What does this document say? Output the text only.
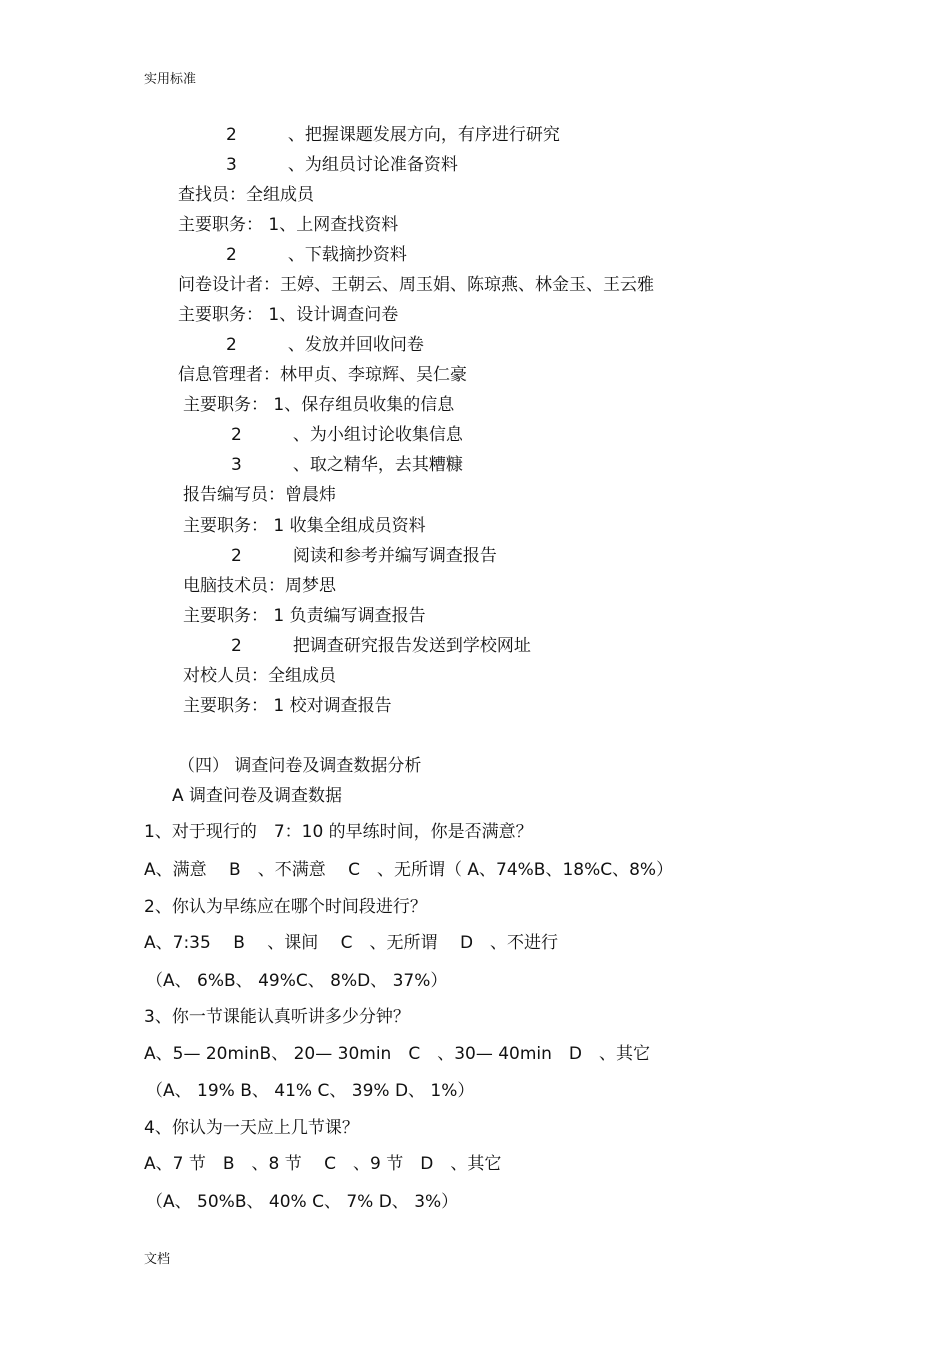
实用标准
2　　　、把握课题发展方向，有序进行研究
3　　　、为组员讨论准备资料
查找员：全组成员
主要职务： 1、上网查找资料
2　　　、下载摘抄资料
问卷设计者：王婷、王朝云、周玉娟、陈琼燕、林金玉、王云雅
主要职务： 1、设计调查问卷
2　　　、发放并回收问卷
信息管理者：林甲贞、李琼辉、吴仁豪
主要职务： 1、保存组员收集的信息
2　　　、为小组讨论收集信息
3　　　、取之精华，去其糟糠
报告编写员：曾晨炜
主要职务： 1 收集全组成员资料
2　　　阅读和参考并编写调查报告
电脑技术员：周梦思
主要职务： 1 负责编写调查报告
2　　　把调查研究报告发送到学校网址
对校人员：全组成员
主要职务： 1 校对调查报告
（四） 调查问卷及调查数据分析
A 调查问卷及调查数据
1、对于现行的　7：10 的早练时间，你是否满意？
A、满意　 B　、不满意　 C　、无所谓（ A、74%B、18%C、8%）
2、你认为早练应在哪个时间段进行？
A、7:35　 B　 、课间　 C　、无所谓　 D　、不进行
（A、 6%B、 49%C、 8%D、 37%）
3、你一节课能认真听讲多少分钟？
A、5— 20minB、 20— 30min　C　、30— 40min　D　、其它
（A、 19% B、 41% C、 39% D、 1%）
4、你认为一天应上几节课？
A、7 节　B　、8 节　 C　、9 节　D　、其它
（A、 50%B、 40% C、 7% D、 3%）
文档
